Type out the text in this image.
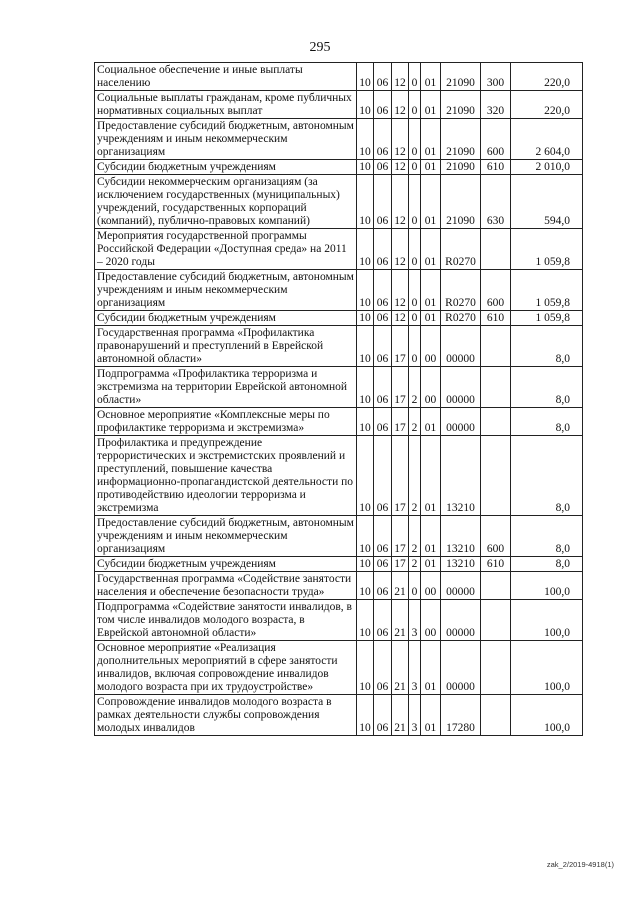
295
Социальное обеспечение и иные выплаты населению	10	06	12	0	01	21090	300	220,0
Социальные выплаты гражданам, кроме публичных нормативных социальных выплат	10	06	12	0	01	21090	320	220,0
Предоставление субсидий бюджетным, автономным учреждениям и иным некоммерческим организациям	10	06	12	0	01	21090	600	2 604,0
Субсидии бюджетным учреждениям	10	06	12	0	01	21090	610	2 010,0
Субсидии некоммерческим организациям (за исключением государственных (муниципальных) учреждений, государственных корпораций (компаний), публично-правовых компаний)	10	06	12	0	01	21090	630	594,0
Мероприятия государственной программы Российской Федерации «Доступная среда» на 2011 – 2020 годы	10	06	12	0	01	R0270		1 059,8
Предоставление субсидий бюджетным, автономным учреждениям и иным некоммерческим организациям	10	06	12	0	01	R0270	600	1 059,8
Субсидии бюджетным учреждениям	10	06	12	0	01	R0270	610	1 059,8
Государственная программа «Профилактика правонарушений и преступлений в Еврейской автономной области»	10	06	17	0	00	00000		8,0
Подпрограмма «Профилактика терроризма и экстремизма на территории Еврейской автономной области»	10	06	17	2	00	00000		8,0
Основное мероприятие «Комплексные меры по профилактике терроризма и экстремизма»	10	06	17	2	01	00000		8,0
Профилактика и предупреждение террористических и экстремистских проявлений и преступлений, повышение качества информационно-пропагандистской деятельности по противодействию идеологии терроризма и экстремизма	10	06	17	2	01	13210		8,0
Предоставление субсидий бюджетным, автономным учреждениям и иным некоммерческим организациям	10	06	17	2	01	13210	600	8,0
Субсидии бюджетным учреждениям	10	06	17	2	01	13210	610	8,0
Государственная программа «Содействие занятости населения и обеспечение безопасности труда»	10	06	21	0	00	00000		100,0
Подпрограмма «Содействие занятости инвалидов, в том числе инвалидов молодого возраста, в Еврейской автономной области»	10	06	21	3	00	00000		100,0
Основное мероприятие «Реализация дополнительных мероприятий в сфере занятости инвалидов, включая сопровождение инвалидов молодого возраста при их трудоустройстве»	10	06	21	3	01	00000		100,0
Сопровождение инвалидов молодого возраста в рамках деятельности службы сопровождения молодых инвалидов	10	06	21	3	01	17280		100,0
zak_2/2019-4918(1)
